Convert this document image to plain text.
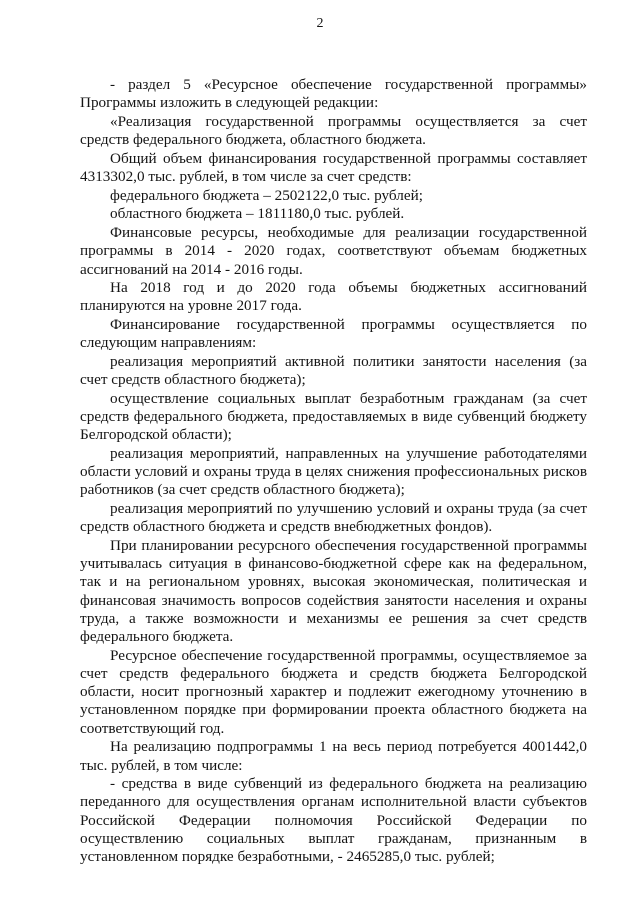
2

- раздел 5 «Ресурсное обеспечение государственной программы» Программы изложить в следующей редакции:

«Реализация государственной программы осуществляется за счет средств федерального бюджета, областного бюджета.

Общий объем финансирования государственной программы составляет 4313302,0 тыс. рублей, в том числе за счет средств:

федерального бюджета – 2502122,0 тыс. рублей;

областного бюджета – 1811180,0 тыс. рублей.

Финансовые ресурсы, необходимые для реализации государственной программы в 2014 - 2020 годах, соответствуют объемам бюджетных ассигнований на 2014 - 2016 годы.

На 2018 год и до 2020 года объемы бюджетных ассигнований планируются на уровне 2017 года.

Финансирование государственной программы осуществляется по следующим направлениям:

реализация мероприятий активной политики занятости населения (за счет средств областного бюджета);

осуществление социальных выплат безработным гражданам (за счет средств федерального бюджета, предоставляемых в виде субвенций бюджету Белгородской области);

реализация мероприятий, направленных на улучшение работодателями области условий и охраны труда в целях снижения профессиональных рисков работников (за счет средств областного бюджета);

реализация мероприятий по улучшению условий и охраны труда (за счет средств областного бюджета и средств внебюджетных фондов).

При планировании ресурсного обеспечения государственной программы учитывалась ситуация в финансово-бюджетной сфере как на федеральном, так и на региональном уровнях, высокая экономическая, политическая и финансовая значимость вопросов содействия занятости населения и охраны труда, а также возможности и механизмы ее решения за счет средств федерального бюджета.

Ресурсное обеспечение государственной программы, осуществляемое за счет средств федерального бюджета и средств бюджета Белгородской области, носит прогнозный характер и подлежит ежегодному уточнению в установленном порядке при формировании проекта областного бюджета на соответствующий год.

На реализацию подпрограммы 1 на весь период потребуется 4001442,0 тыс. рублей, в том числе:

- средства в виде субвенций из федерального бюджета на реализацию переданного для осуществления органам исполнительной власти субъектов Российской Федерации полномочия Российской Федерации по осуществлению социальных выплат гражданам, признанным в установленном порядке безработными, - 2465285,0 тыс. рублей;
